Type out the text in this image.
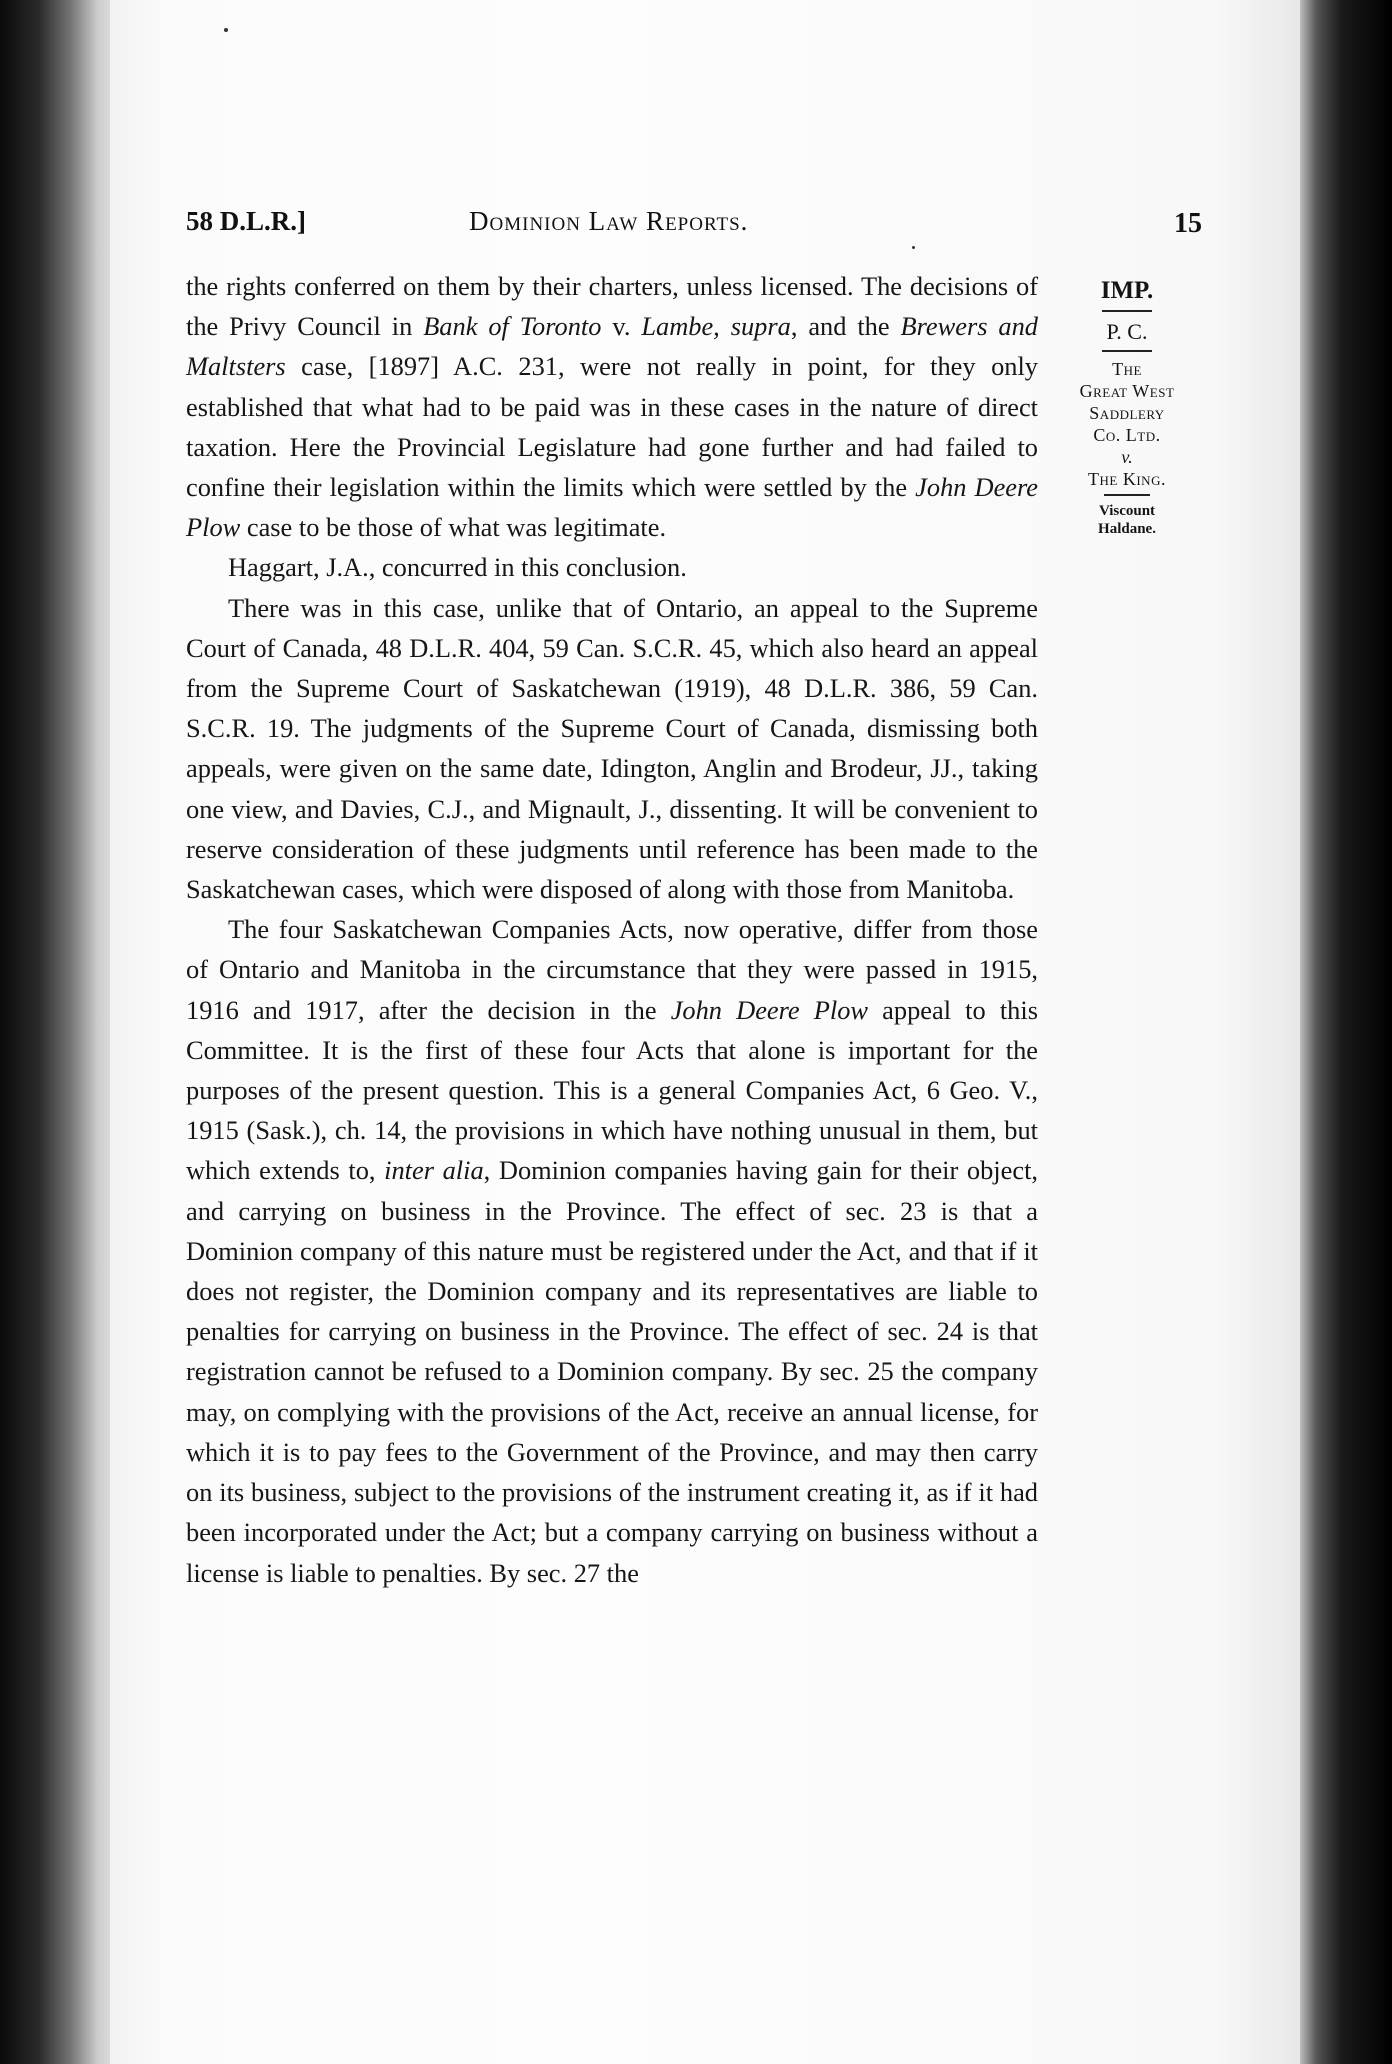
58 D.L.R.]	Dominion Law Reports.	15
IMP.
P. C.
The
Great West
Saddlery
Co. Ltd.
v.
The King.
Viscount
Haldane.

the rights conferred on them by their charters, unless licensed. The decisions of the Privy Council in Bank of Toronto v. Lambe, supra, and the Brewers and Maltsters case, [1897] A.C. 231, were not really in point, for they only established that what had to be paid was in these cases in the nature of direct taxation. Here the Provincial Legislature had gone further and had failed to confine their legislation within the limits which were settled by the John Deere Plow case to be those of what was legitimate.

Haggart, J.A., concurred in this conclusion.

There was in this case, unlike that of Ontario, an appeal to the Supreme Court of Canada, 48 D.L.R. 404, 59 Can. S.C.R. 45, which also heard an appeal from the Supreme Court of Saskatchewan (1919), 48 D.L.R. 386, 59 Can. S.C.R. 19. The judgments of the Supreme Court of Canada, dismissing both appeals, were given on the same date, Idington, Anglin and Brodeur, JJ., taking one view, and Davies, C.J., and Mignault, J., dissenting. It will be convenient to reserve consideration of these judgments until reference has been made to the Saskatchewan cases, which were disposed of along with those from Manitoba.

The four Saskatchewan Companies Acts, now operative, differ from those of Ontario and Manitoba in the circumstance that they were passed in 1915, 1916 and 1917, after the decision in the John Deere Plow appeal to this Committee. It is the first of these four Acts that alone is important for the purposes of the present question. This is a general Companies Act, 6 Geo. V., 1915 (Sask.), ch. 14, the provisions in which have nothing unusual in them, but which extends to, inter alia, Dominion companies having gain for their object, and carrying on business in the Province. The effect of sec. 23 is that a Dominion company of this nature must be registered under the Act, and that if it does not register, the Dominion company and its representatives are liable to penalties for carrying on business in the Province. The effect of sec. 24 is that registration cannot be refused to a Dominion company. By sec. 25 the company may, on complying with the provisions of the Act, receive an annual license, for which it is to pay fees to the Government of the Province, and may then carry on its business, subject to the provisions of the instrument creating it, as if it had been incorporated under the Act; but a company carrying on business without a license is liable to penalties. By sec. 27 the
